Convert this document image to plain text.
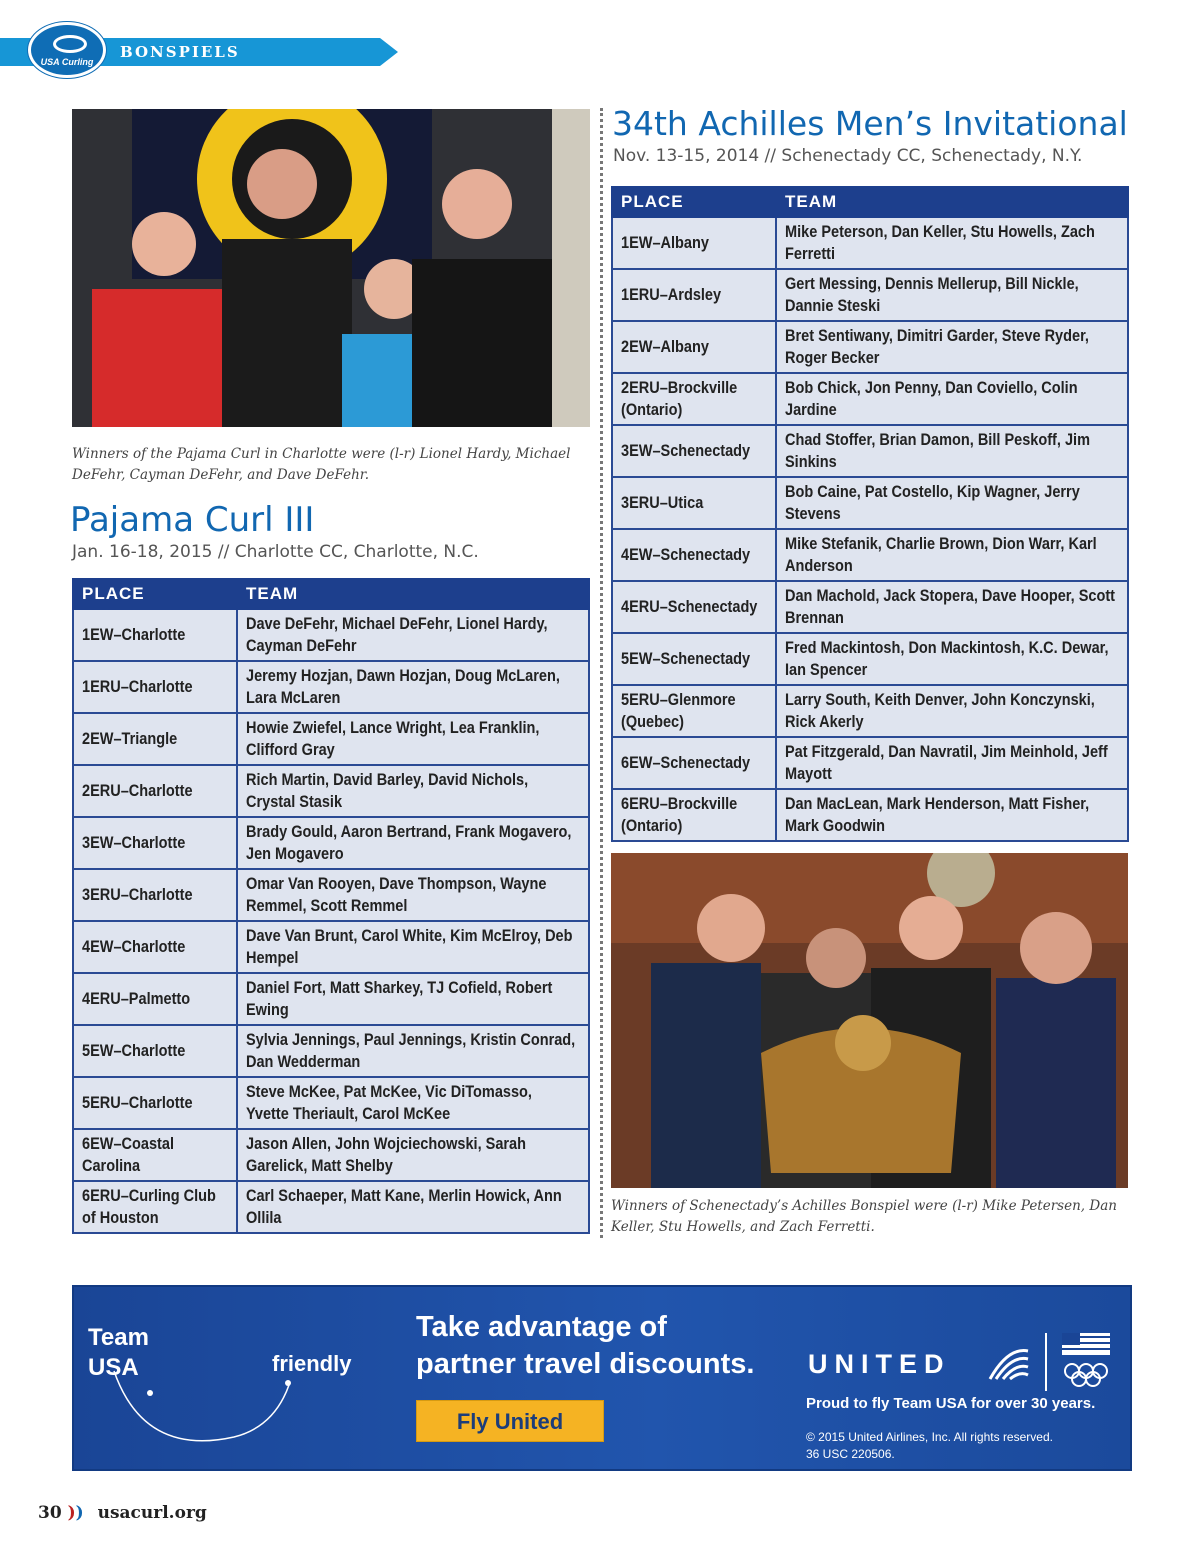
BONSPIELS
USA Curling
Winners of the Pajama Curl in Charlotte were (l-r) Lionel Hardy, Michael DeFehr, Cayman DeFehr, and Dave DeFehr.
Pajama Curl III
Jan. 16-18, 2015 // Charlotte CC, Charlotte, N.C.
PLACE	TEAM
1EW–Charlotte	Dave DeFehr, Michael DeFehr, Lionel Hardy, Cayman DeFehr
1ERU–Charlotte	Jeremy Hozjan, Dawn Hozjan, Doug McLaren, Lara McLaren
2EW–Triangle	Howie Zwiefel, Lance Wright, Lea Franklin, Clifford Gray
2ERU–Charlotte	Rich Martin, David Barley, David Nichols, Crystal Stasik
3EW–Charlotte	Brady Gould, Aaron Bertrand, Frank Mogavero, Jen Mogavero
3ERU–Charlotte	Omar Van Rooyen, Dave Thompson, Wayne Remmel, Scott Remmel
4EW–Charlotte	Dave Van Brunt, Carol White, Kim McElroy, Deb Hempel
4ERU–Palmetto	Daniel Fort, Matt Sharkey, TJ Cofield, Robert Ewing
5EW–Charlotte	Sylvia Jennings, Paul Jennings, Kristin Conrad, Dan Wedderman
5ERU–Charlotte	Steve McKee, Pat McKee, Vic DiTomasso, Yvette Theriault, Carol McKee
6EW–Coastal Carolina	Jason Allen, John Wojciechowski, Sarah Garelick, Matt Shelby
6ERU–Curling Club of Houston	Carl Schaeper, Matt Kane, Merlin Howick, Ann Ollila
34th Achilles Men’s Invitational
Nov. 13-15, 2014 // Schenectady CC, Schenectady, N.Y.
PLACE	TEAM
1EW–Albany	Mike Peterson, Dan Keller, Stu Howells, Zach Ferretti
1ERU–Ardsley	Gert Messing, Dennis Mellerup, Bill Nickle, Dannie Steski
2EW–Albany	Bret Sentiwany, Dimitri Garder, Steve Ryder, Roger Becker
2ERU–Brockville (Ontario)	Bob Chick, Jon Penny, Dan Coviello, Colin Jardine
3EW–Schenectady	Chad Stoffer, Brian Damon, Bill Peskoff, Jim Sinkins
3ERU–Utica	Bob Caine, Pat Costello, Kip Wagner, Jerry Stevens
4EW–Schenectady	Mike Stefanik, Charlie Brown, Dion Warr, Karl Anderson
4ERU–Schenectady	Dan Machold, Jack Stopera, Dave Hooper, Scott Brennan
5EW–Schenectady	Fred Mackintosh, Don Mackintosh, K.C. Dewar, Ian Spencer
5ERU–Glenmore (Quebec)	Larry South, Keith Denver, John Konczynski, Rick Akerly
6EW–Schenectady	Pat Fitzgerald, Dan Navratil, Jim Meinhold, Jeff Mayott
6ERU–Brockville (Ontario)	Dan MacLean, Mark Henderson, Matt Fisher, Mark Goodwin
Winners of Schenectady’s Achilles Bonspiel were (l-r) Mike Petersen, Dan Keller, Stu Howells, and Zach Ferretti.
Team
USA	friendly
Take advantage of
partner travel discounts.
Fly United
UNITED
Proud to fly Team USA for over 30 years.
© 2015 United Airlines, Inc. All rights reserved.
36 USC 220506.
30 )) usacurl.org
